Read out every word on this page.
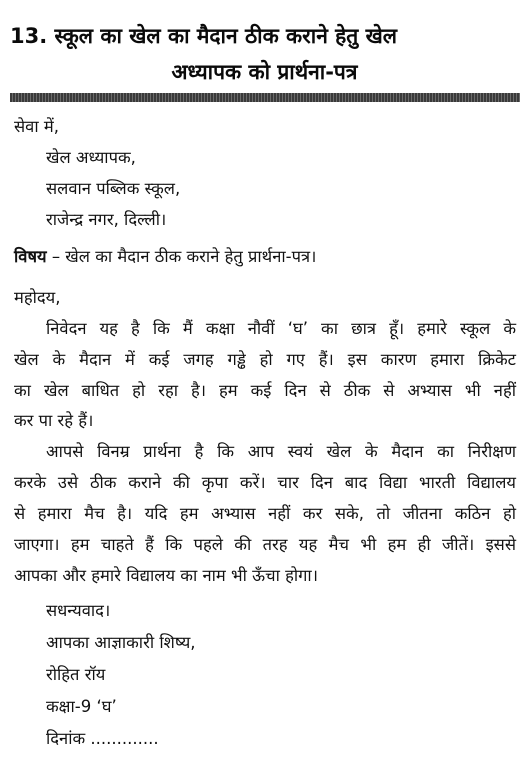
13. स्कूल का खेल का मैदान ठीक कराने हेतु खेल
अध्यापक को प्रार्थना-पत्र
सेवा में,
खेल अध्यापक,
सलवान पब्लिक स्कूल,
राजेन्द्र नगर, दिल्ली।
विषय – खेल का मैदान ठीक कराने हेतु प्रार्थना-पत्र।
महोदय,
निवेदन यह है कि मैं कक्षा नौवीं ‘घ’ का छात्र हूँ। हमारे स्कूल के
खेल के मैदान में कई जगह गड्ढे हो गए हैं। इस कारण हमारा क्रिकेट
का खेल बाधित हो रहा है। हम कई दिन से ठीक से अभ्यास भी नहीं
कर पा रहे हैं।
आपसे विनम्र प्रार्थना है कि आप स्वयं खेल के मैदान का निरीक्षण
करके उसे ठीक कराने की कृपा करें। चार दिन बाद विद्या भारती विद्यालय
से हमारा मैच है। यदि हम अभ्यास नहीं कर सके, तो जीतना कठिन हो
जाएगा। हम चाहते हैं कि पहले की तरह यह मैच भी हम ही जीतें। इससे
आपका और हमारे विद्यालय का नाम भी ऊँचा होगा।
सधन्यवाद।
आपका आज्ञाकारी शिष्य,
रोहित रॉय
कक्षा-9 ‘घ’
दिनांक .............
